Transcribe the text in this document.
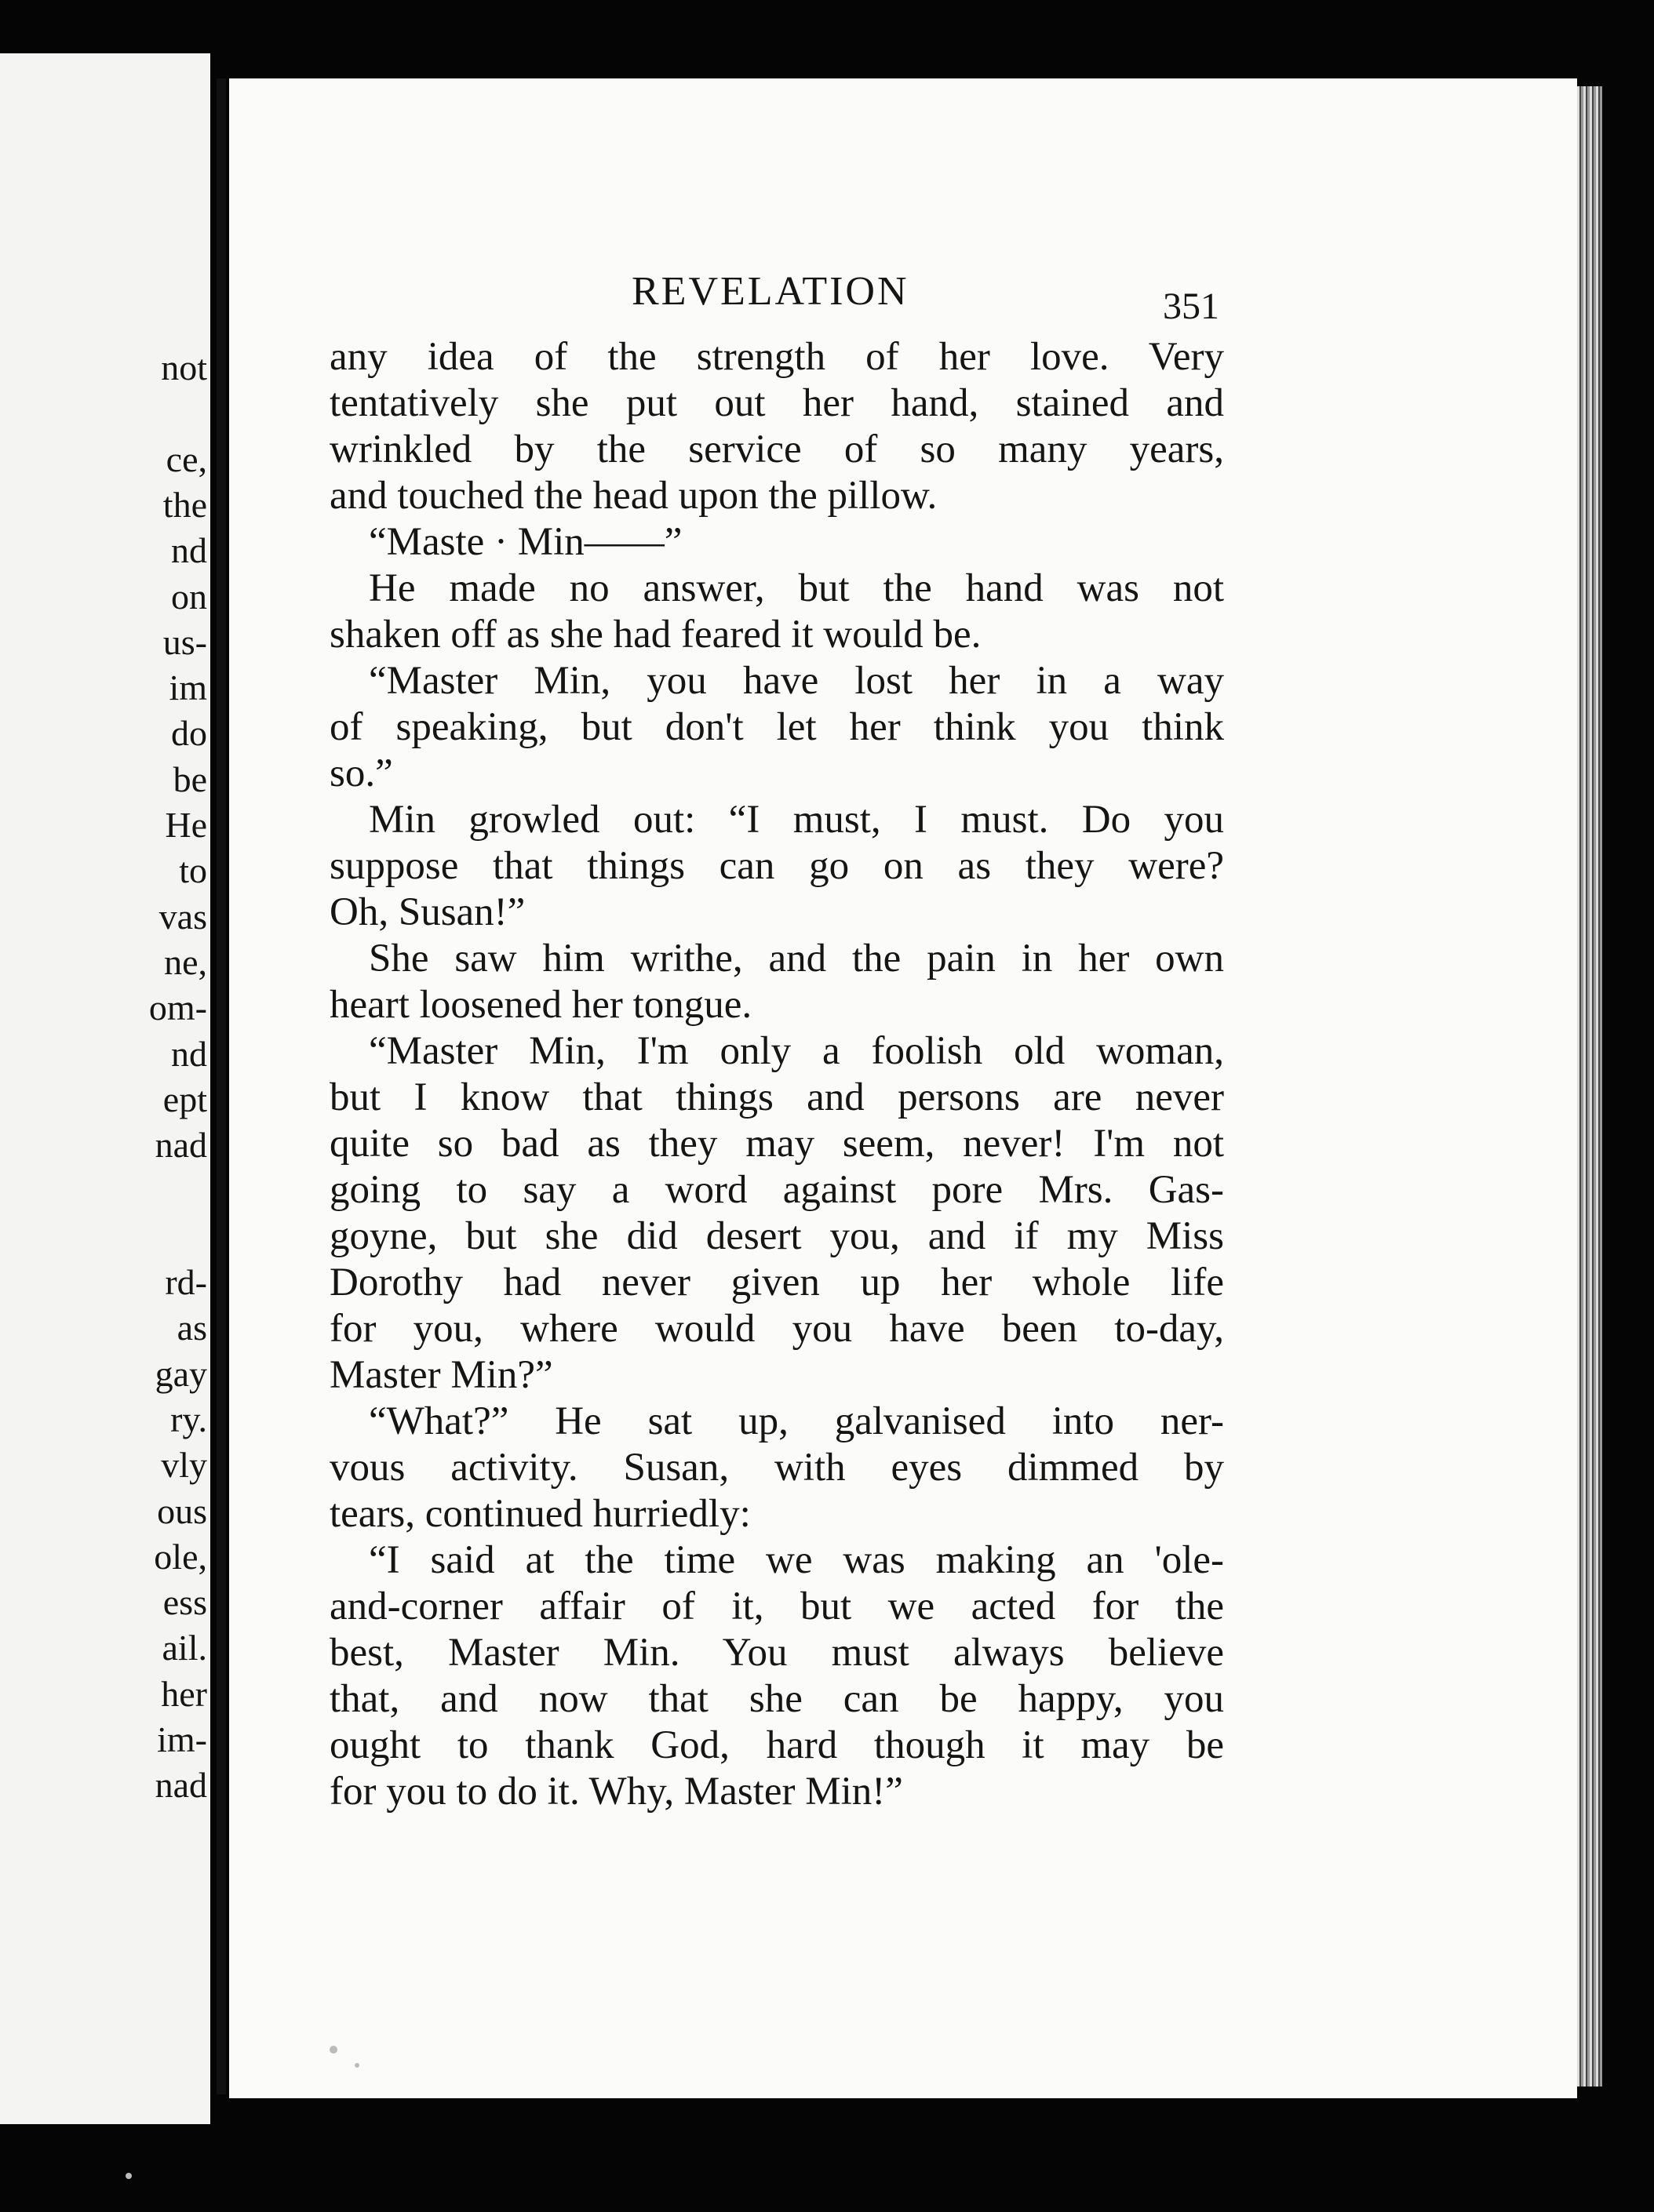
not
ce,
the
nd
on
us-
im
do
be
He
to
vas
ne,
om-
nd
ept
nad
rd-
as
gay
ry.
vly
ous
ole,
ess
ail.
her
im-
nad
REVELATION	351
any idea of the strength of her love. Very
tentatively she put out her hand, stained and
wrinkled by the service of so many years,
and touched the head upon the pillow.
“Maste · Min——”
He made no answer, but the hand was not
shaken off as she had feared it would be.
“Master Min, you have lost her in a way
of speaking, but don't let her think you think
so.”
Min growled out: “I must, I must. Do you
suppose that things can go on as they were?
Oh, Susan!”
She saw him writhe, and the pain in her own
heart loosened her tongue.
“Master Min, I'm only a foolish old woman,
but I know that things and persons are never
quite so bad as they may seem, never! I'm not
going to say a word against pore Mrs. Gas-
goyne, but she did desert you, and if my Miss
Dorothy had never given up her whole life
for you, where would you have been to-day,
Master Min?”
“What?” He sat up, galvanised into ner-
vous activity. Susan, with eyes dimmed by
tears, continued hurriedly:
“I said at the time we was making an 'ole-
and-corner affair of it, but we acted for the
best, Master Min. You must always believe
that, and now that she can be happy, you
ought to thank God, hard though it may be
for you to do it. Why, Master Min!”
